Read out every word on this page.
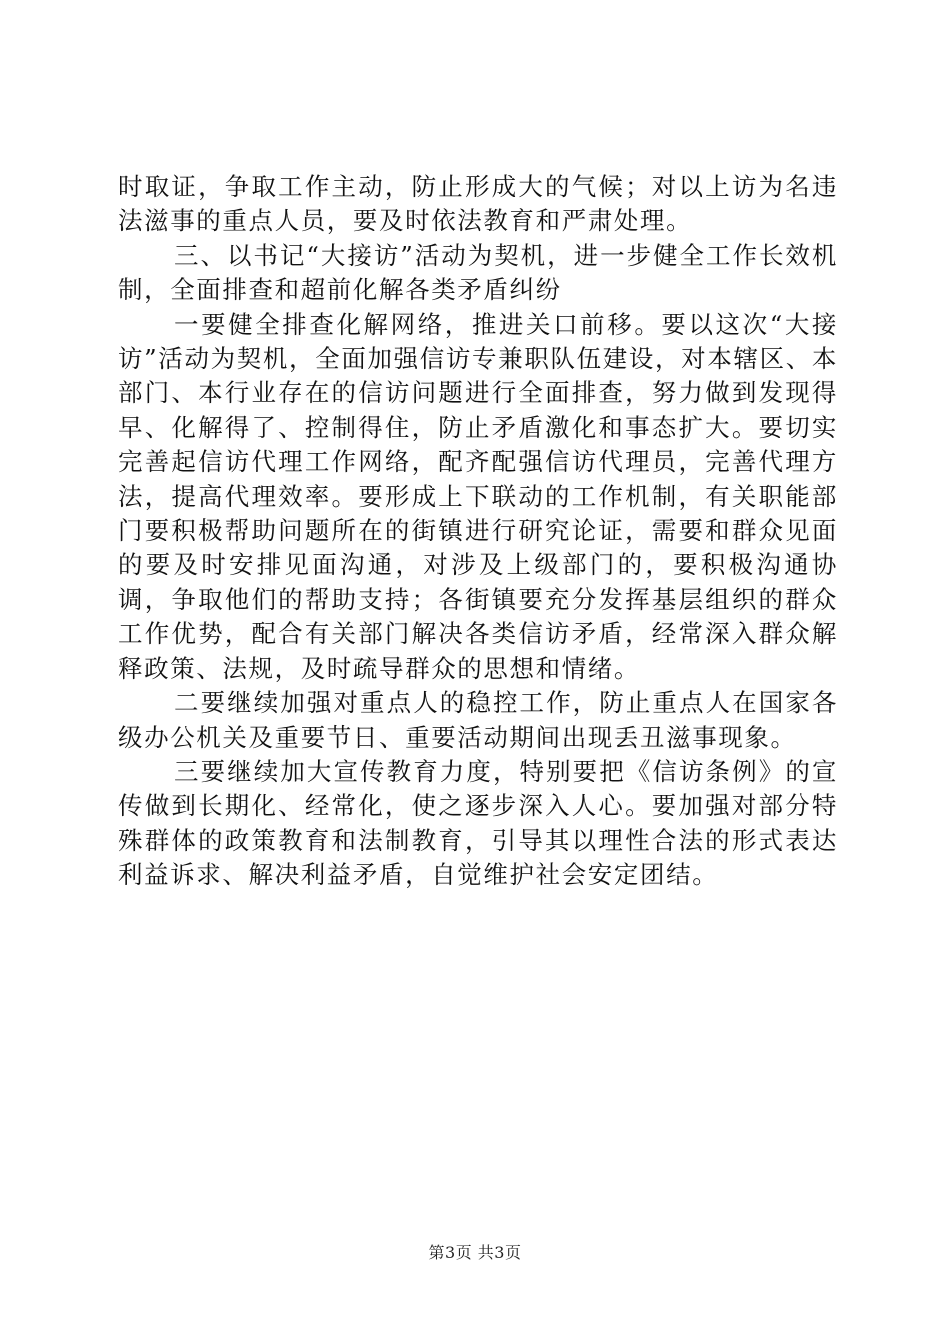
时取证，争取工作主动，防止形成大的气候；对以上访为名违法滋事的重点人员，要及时依法教育和严肃处理。

三、以书记“大接访”活动为契机，进一步健全工作长效机制，全面排查和超前化解各类矛盾纠纷

一要健全排查化解网络，推进关口前移。要以这次“大接访”活动为契机，全面加强信访专兼职队伍建设，对本辖区、本部门、本行业存在的信访问题进行全面排查，努力做到发现得早、化解得了、控制得住，防止矛盾激化和事态扩大。要切实完善起信访代理工作网络，配齐配强信访代理员，完善代理方法，提高代理效率。要形成上下联动的工作机制，有关职能部门要积极帮助问题所在的街镇进行研究论证，需要和群众见面的要及时安排见面沟通，对涉及上级部门的，要积极沟通协调，争取他们的帮助支持；各街镇要充分发挥基层组织的群众工作优势，配合有关部门解决各类信访矛盾，经常深入群众解释政策、法规，及时疏导群众的思想和情绪。

二要继续加强对重点人的稳控工作，防止重点人在国家各级办公机关及重要节日、重要活动期间出现丢丑滋事现象。

三要继续加大宣传教育力度，特别要把《信访条例》的宣传做到长期化、经常化，使之逐步深入人心。要加强对部分特殊群体的政策教育和法制教育，引导其以理性合法的形式表达利益诉求、解决利益矛盾，自觉维护社会安定团结。

第3页 共3页
